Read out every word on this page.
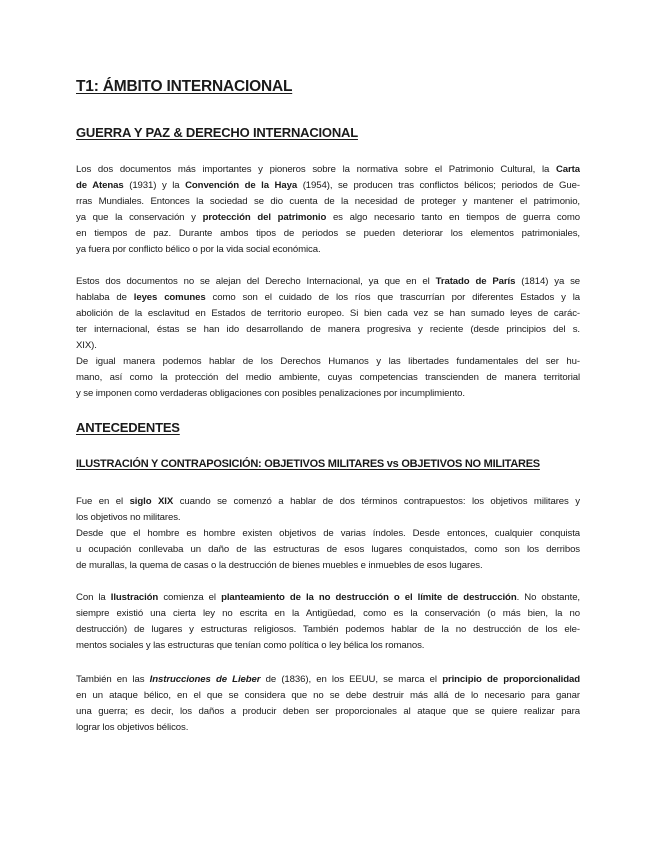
T1: ÁMBITO INTERNACIONAL
GUERRA Y PAZ & DERECHO INTERNACIONAL
Los dos documentos más importantes y pioneros sobre la normativa sobre el Patrimonio Cultural, la Carta
de Atenas (1931) y la Convención de la Haya (1954), se producen tras conflictos bélicos; periodos de Gue-
rras Mundiales. Entonces la sociedad se dio cuenta de la necesidad de proteger y mantener el patrimonio,
ya que la conservación y protección del patrimonio es algo necesario tanto en tiempos de guerra como
en tiempos de paz. Durante ambos tipos de periodos se pueden deteriorar los elementos patrimoniales,
ya fuera por conflicto bélico o por la vida social económica.
Estos dos documentos no se alejan del Derecho Internacional, ya que en el Tratado de París (1814) ya se
hablaba de leyes comunes como son el cuidado de los ríos que trascurrían por diferentes Estados y la
abolición de la esclavitud en Estados de territorio europeo. Si bien cada vez se han sumado leyes de carác-
ter internacional, éstas se han ido desarrollando de manera progresiva y reciente (desde principios del s.
XIX).
De igual manera podemos hablar de los Derechos Humanos y las libertades fundamentales del ser hu-
mano, así como la protección del medio ambiente, cuyas competencias transcienden de manera territorial
y se imponen como verdaderas obligaciones con posibles penalizaciones por incumplimiento.
ANTECEDENTES
ILUSTRACIÓN Y CONTRAPOSICIÓN: OBJETIVOS MILITARES vs OBJETIVOS NO MILITARES
Fue en el siglo XIX cuando se comenzó a hablar de dos términos contrapuestos: los objetivos militares y
los objetivos no militares.
Desde que el hombre es hombre existen objetivos de varias índoles. Desde entonces, cualquier conquista
u ocupación conllevaba un daño de las estructuras de esos lugares conquistados, como son los derribos
de murallas, la quema de casas o la destrucción de bienes muebles e inmuebles de esos lugares.
Con la Ilustración comienza el planteamiento de la no destrucción o el límite de destrucción. No obstante,
siempre existió una cierta ley no escrita en la Antigüedad, como es la conservación (o más bien, la no
destrucción) de lugares y estructuras religiosos. También podemos hablar de la no destrucción de los ele-
mentos sociales y las estructuras que tenían como política o ley bélica los romanos.
También en las Instrucciones de Lieber de (1836), en los EEUU, se marca el principio de proporcionalidad
en un ataque bélico, en el que se considera que no se debe destruir más allá de lo necesario para ganar
una guerra; es decir, los daños a producir deben ser proporcionales al ataque que se quiere realizar para
lograr los objetivos bélicos.
